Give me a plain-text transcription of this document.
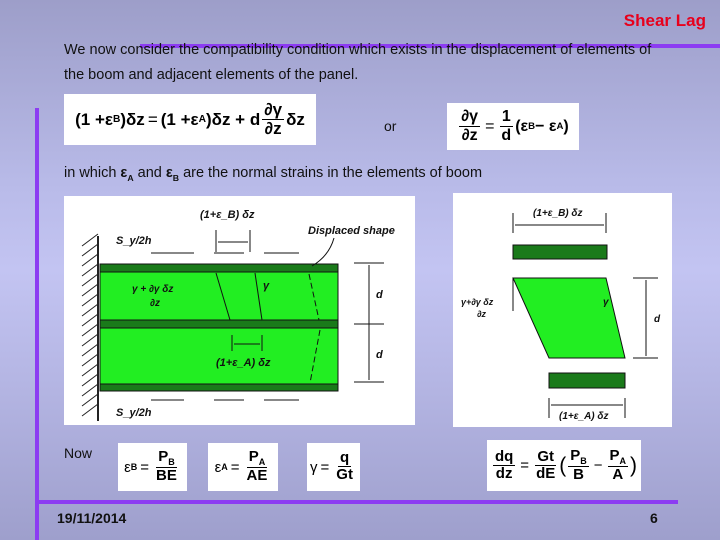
Shear Lag
We now consider the compatibility condition which exists in the displacement of elements of the boom and adjacent elements of the panel.
(1 + ε B )δz = (1 + ε A )δz + d $\frac{\partial\gamma}{\partial z}$ δz	or	$\frac{\partial\gamma}{\partial z} = \frac{1}{d} (\varepsilon$ B − ε A )
in which $\varepsilon_A$ and $\varepsilon_B$ are the normal strains in the elements of boom
(1+ε_B) δz
S_y/2h
S_y/2h
Displaced shape
γ + ∂γ δz
∂z
γ
d
d
(1+ε_A) δz
(1+ε_B) δz
γ+∂γ δz
∂z
γ
d
(1+ε_A) δz
Now
ε $B = \frac{P_B}{BE}$ ε $A = \frac{P_A}{AE}$	$\gamma = \frac{q}{Gt}$	$\frac{dq}{dz} = \frac{Gt}{dE}$ ( $\frac{P_B}{B} - \frac{P_A}{A}$ )
19/11/2014	6
